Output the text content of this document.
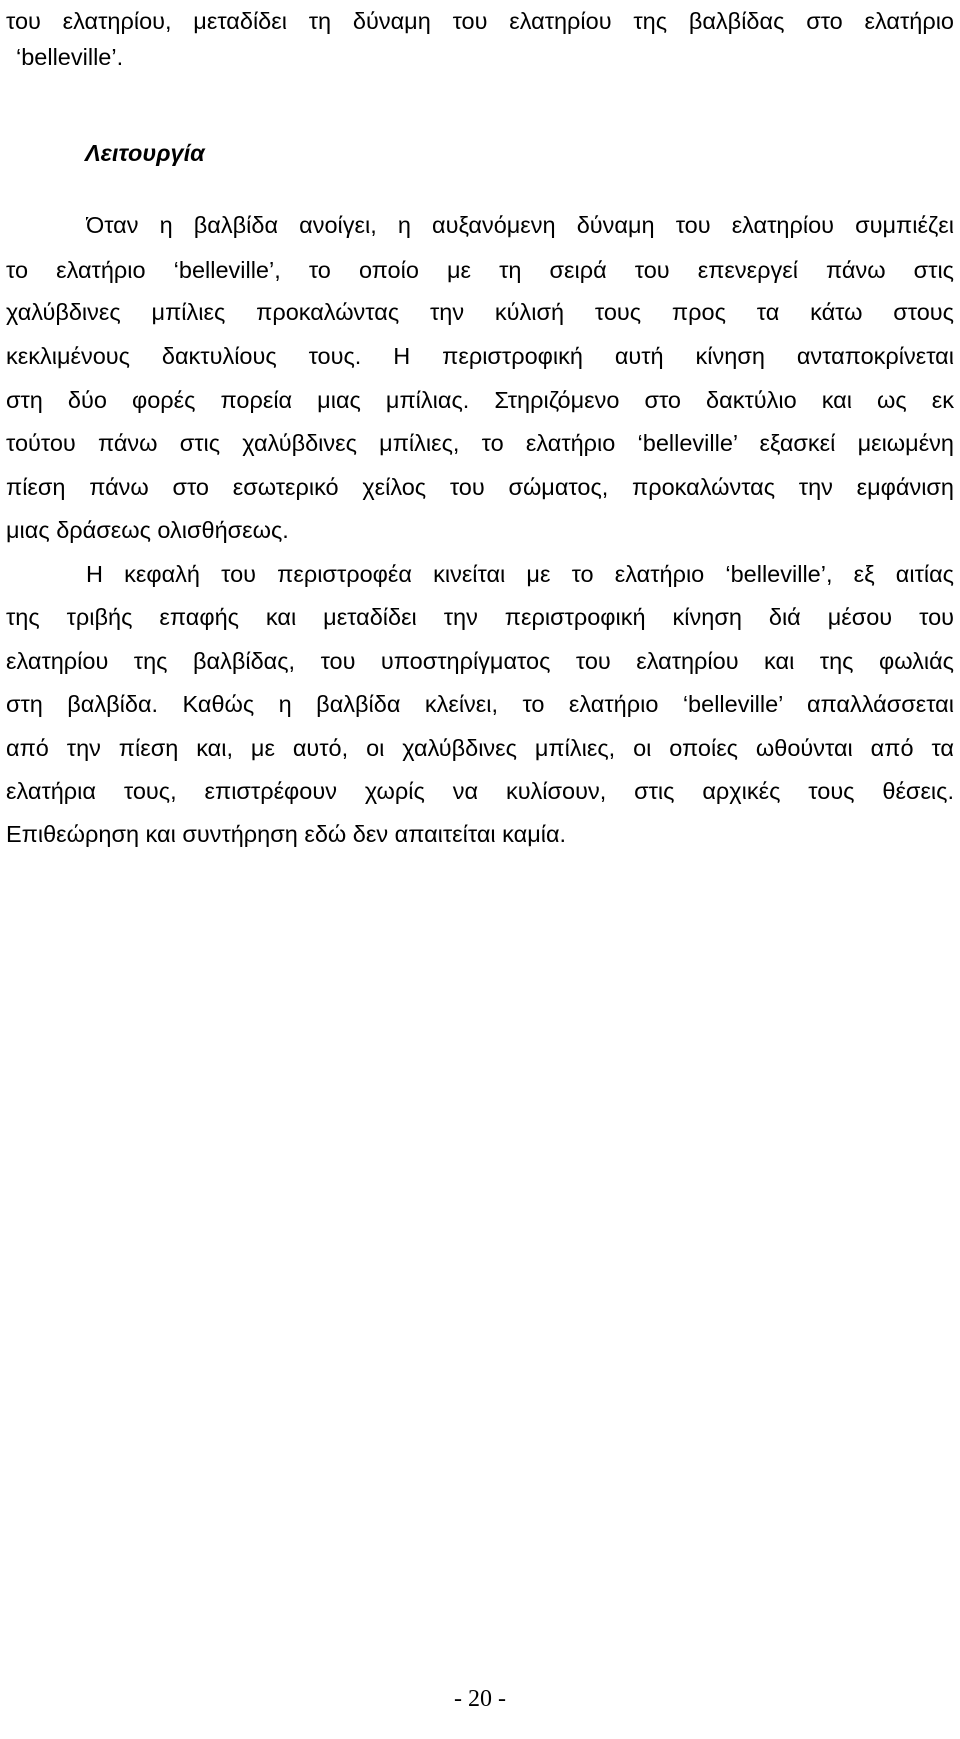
του ελατηρίου, μεταδίδει τη δύναμη του ελατηρίου της βαλβίδας στο ελατήριο

‘belleville’.

Λειτουργία

Όταν η βαλβίδα ανοίγει, η αυξανόμενη δύναμη του ελατηρίου συμπιέζει

το ελατήριο ‘belleville’, το οποίο με τη σειρά του επενεργεί πάνω στις

χαλύβδινες μπίλιες προκαλώντας την κύλισή τους προς τα κάτω στους

κεκλιμένους δακτυλίους τους. Η περιστροφική αυτή κίνηση ανταποκρίνεται

στη δύο φορές πορεία μιας μπίλιας. Στηριζόμενο στο δακτύλιο και ως εκ

τούτου πάνω στις χαλύβδινες μπίλιες, το ελατήριο ‘belleville’ εξασκεί μειωμένη

πίεση πάνω στο εσωτερικό χείλος του σώματος, προκαλώντας την εμφάνιση

μιας δράσεως ολισθήσεως.

Η κεφαλή του περιστροφέα κινείται με το ελατήριο ‘belleville’, εξ αιτίας

της τριβής επαφής και μεταδίδει την περιστροφική κίνηση διά μέσου του

ελατηρίου της βαλβίδας, του υποστηρίγματος του ελατηρίου και της φωλιάς

στη βαλβίδα. Καθώς η βαλβίδα κλείνει, το ελατήριο ‘belleville’ απαλλάσσεται

από την πίεση και, με αυτό, οι χαλύβδινες μπίλιες, οι οποίες ωθούνται από τα

ελατήρια τους, επιστρέφουν χωρίς να κυλίσουν, στις αρχικές τους θέσεις.

Επιθεώρηση και συντήρηση εδώ δεν απαιτείται καμία.

- 20 -
